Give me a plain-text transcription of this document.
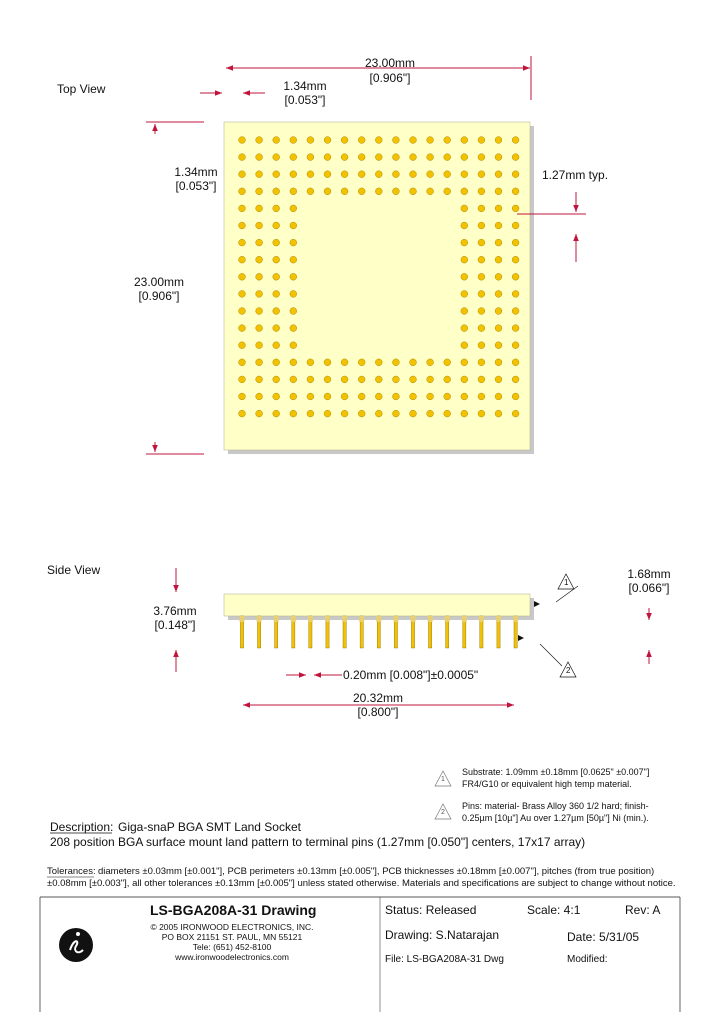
Top View
23.00mm
[0.906"]
1.34mm
[0.053"]
1.34mm
[0.053"]
23.00mm
[0.906"]
1.27mm typ.
Side View
3.76mm
[0.148"]
1.68mm
[0.066"]
0.20mm [0.008"]±0.0005"
20.32mm
[0.800"]
1
2
1
Substrate: 1.09mm ±0.18mm [0.0625" ±0.007"]
FR4/G10 or equivalent high temp material.
2
Pins: material- Brass Alloy 360 1/2 hard; finish-
0.25µm [10µ"] Au over 1.27µm [50µ"] Ni (min.).
Description: Giga-snaP BGA SMT Land Socket
208 position BGA surface mount land pattern to terminal pins (1.27mm [0.050"] centers, 17x17 array)
Tolerances: diameters ±0.03mm [±0.001"], PCB perimeters ±0.13mm [±0.005"], PCB thicknesses ±0.18mm [±0.007"], pitches (from true position)
±0.08mm [±0.003"], all other tolerances ±0.13mm [±0.005"] unless stated otherwise. Materials and specifications are subject to change without notice.
LS-BGA208A-31 Drawing
© 2005 IRONWOOD ELECTRONICS, INC.
PO BOX 21151 ST. PAUL, MN 55121
Tele: (651) 452-8100
www.ironwoodelectronics.com
Status: Released	Scale: 4:1	Rev: A
Drawing: S.Natarajan	Date: 5/31/05
File: LS-BGA208A-31 Dwg	Modified:
